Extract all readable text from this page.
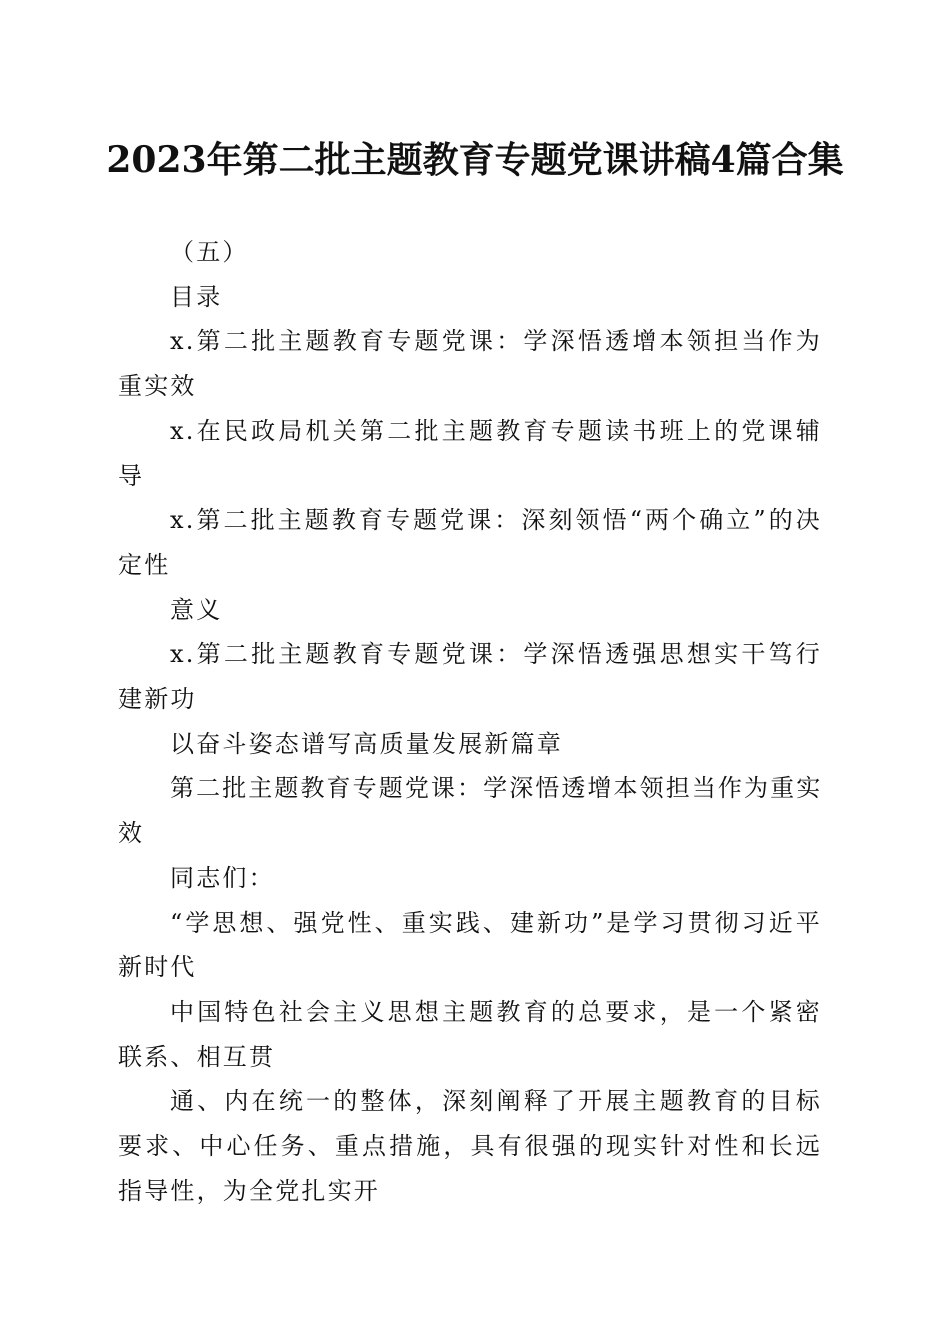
2023年第二批主题教育专题党课讲稿4篇合集

（五）

目录

x.第二批主题教育专题党课：学深悟透增本领担当作为重实效

x.在民政局机关第二批主题教育专题读书班上的党课辅导

x.第二批主题教育专题党课：深刻领悟“两个确立”的决定性

意义

x.第二批主题教育专题党课：学深悟透强思想实干笃行建新功

以奋斗姿态谱写高质量发展新篇章

第二批主题教育专题党课：学深悟透增本领担当作为重实效

同志们：

“学思想、强党性、重实践、建新功”是学习贯彻习近平新时代

中国特色社会主义思想主题教育的总要求，是一个紧密联系、相互贯

通、内在统一的整体，深刻阐释了开展主题教育的目标要求、中心任务、重点措施，具有很强的现实针对性和长远指导性，为全党扎实开
